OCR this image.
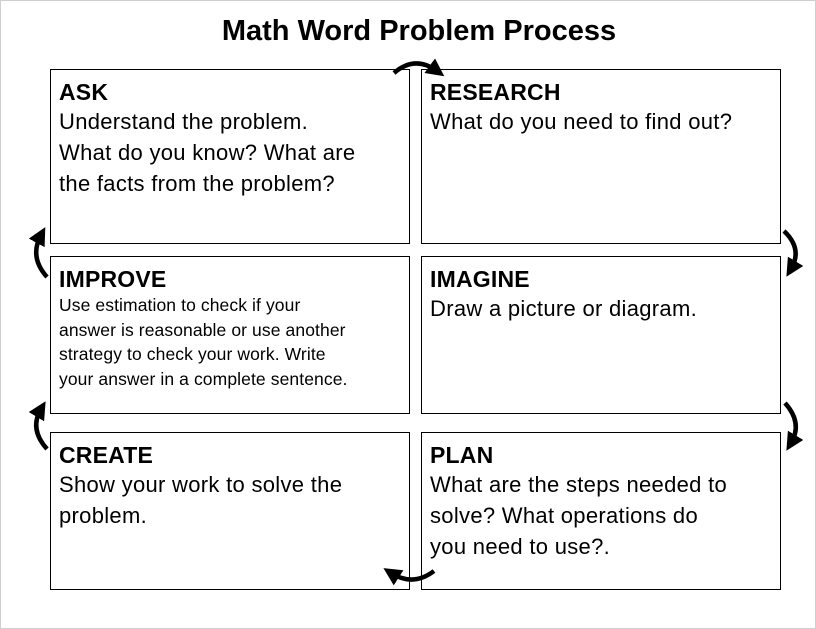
Math Word Problem Process
ASK
Understand the problem.
What do you know? What are
the facts from the problem?
RESEARCH
What do you need to find out?
IMPROVE
Use estimation to check if your
answer is reasonable or use another
strategy to check your work. Write
your answer in a complete sentence.
IMAGINE
Draw a picture or diagram.
CREATE
Show your work to solve the
problem.
PLAN
What are the steps needed to
solve? What operations do
you need to use?.
